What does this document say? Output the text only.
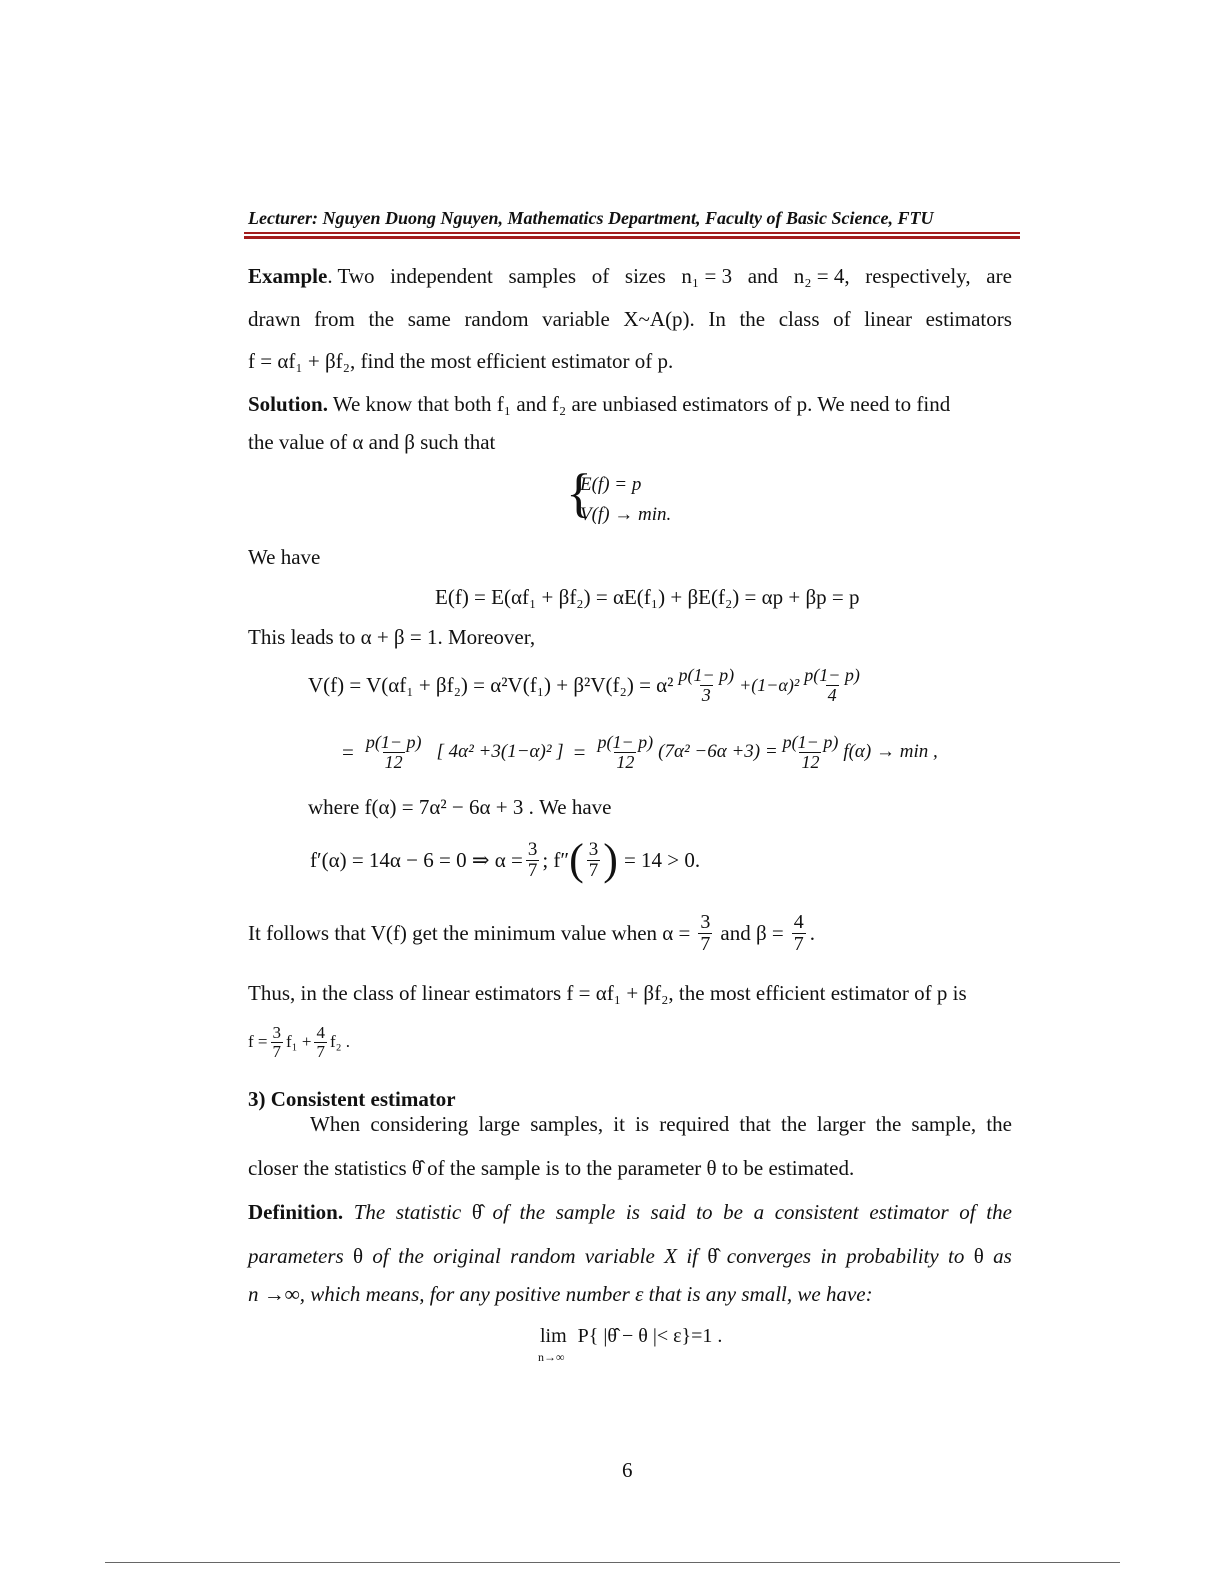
Lecturer: Nguyen Duong Nguyen, Mathematics Department, Faculty of Basic Science, FTU
Example. Two independent samples of sizes n₁ = 3 and n₂ = 4, respectively, are
drawn from the same random variable X~A(p). In the class of linear estimators
f = αf₁ + βf₂, find the most efficient estimator of p.
Solution. We know that both f₁ and f₂ are unbiased estimators of p. We need to find
the value of α and β such that
{
E(f) = p
V(f) → min.
We have
E(f) = E(αf₁ + βf₂) = αE(f₁) + βE(f₂) = αp + βp = p
This leads to α + β = 1. Moreover,
$V(f) = V(\alpha f_1 + \beta f_2) = \alpha^2V(f_1) + \beta^2V(f_2) = \alpha^2 \frac{p(1- p)}{3} +(1-\alpha)^2 \frac{p(1- p)}{4}$
= $\frac{p(1- p)}{12}$ [ 4α² +3(1−α)² ] = $\frac{p(1- p)}{12} (7\alpha^2 -6\alpha +3) = \frac{p(1- p)}{12} f(\alpha) \to \min$ ,
where f(α) = 7α² − 6α + 3 . We have
f′(α) = 14α − 6 = 0 ⇒ $\alpha = \frac{3}{7}$ ; f″ ( $\frac{3}{7}$ ) = 14 > 0.
It follows that V(f) get the minimum value when $\alpha = \frac{3}{7}$ and $\beta = \frac{4}{7}$ .
Thus, in the class of linear estimators f = αf₁ + βf₂, the most efficient estimator of p is
$f = \frac{3}{7} f_1 + \frac{4}{7} f_2$ .
3) Consistent estimator
When considering large samples, it is required that the larger the sample, the
closer the statistics θ̂ of the sample is to the parameter θ to be estimated.
Definition. The statistic θ̂ of the sample is said to be a consistent estimator of the
parameters θ of the original random variable X if θ̂ converges in probability to θ as
n →∞, which means, for any positive number ε that is any small, we have:
lim P{ |θ̂ − θ |< ε}=1 .
n→∞
6
